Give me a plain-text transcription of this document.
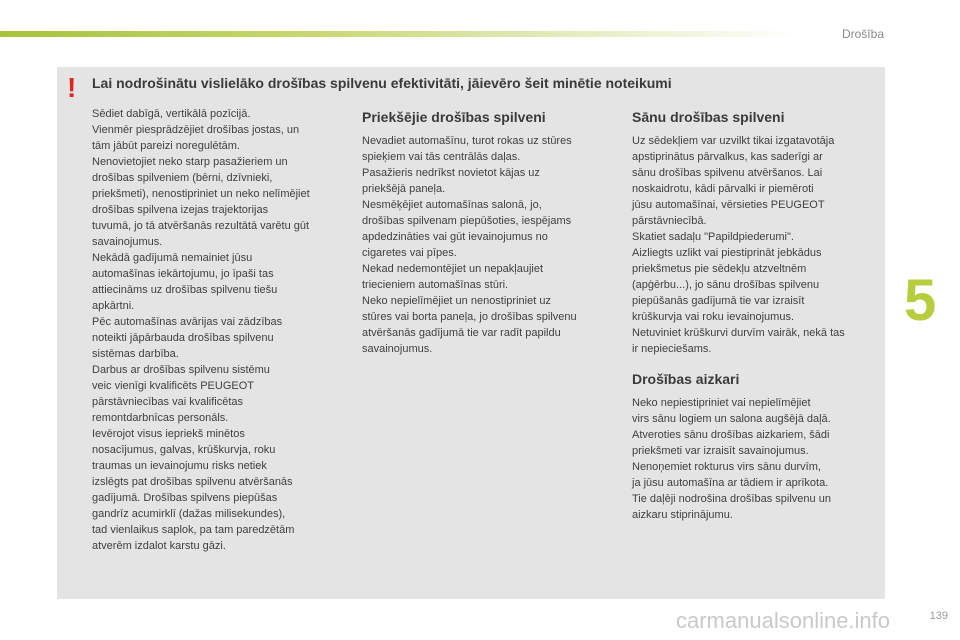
Drošība
5
! Lai nodrošinātu vislielāko drošības spilvenu efektivitāti, jāievēro šeit minētie noteikumi

Sēdiet dabīgā, vertikālā pozīcijā.

Vienmēr piesprādzējiet drošības jostas, un

tām jābūt pareizi noregulētām.

Nenovietojiet neko starp pasažieriem un

drošības spilveniem (bērni, dzīvnieki,

priekšmeti), nenostipriniet un neko nelīmējiet

drošības spilvena izejas trajektorijas

tuvumā, jo tā atvēršanās rezultātā varētu gūt

savainojumus.

Nekādā gadījumā nemainiet jūsu

automašīnas iekārtojumu, jo īpaši tas

attiecināms uz drošības spilvenu tiešu

apkārtni.

Pēc automašīnas avārijas vai zādzības

noteikti jāpārbauda drošības spilvenu

sistēmas darbība.

Darbus ar drošības spilvenu sistēmu

veic vienīgi kvalificēts PEUGEOT

pārstāvniecības vai kvalificētas

remontdarbnīcas personāls.

Ievērojot visus iepriekš minētos

nosacījumus, galvas, krūškurvja, roku

traumas un ievainojumu risks netiek

izslēgts pat drošības spilvenu atvēršanās

gadījumā. Drošības spilvens piepūšas

gandrīz acumirklī (dažas milisekundes),

tad vienlaikus saplok, pa tam paredzētām

atverēm izdalot karstu gāzi.

Priekšējie drošības spilveni

Nevadiet automašīnu, turot rokas uz stūres

spieķiem vai tās centrālās daļas.

Pasažieris nedrīkst novietot kājas uz

priekšējā paneļa.

Nesmēķējiet automašīnas salonā, jo,

drošības spilvenam piepūšoties, iespējams

apdedzināties vai gūt ievainojumus no

cigaretes vai pīpes.

Nekad nedemontējiet un nepakļaujiet

triecieniem automašīnas stūri.

Neko nepielīmējiet un nenostipriniet uz

stūres vai borta paneļa, jo drošības spilvenu

atvēršanās gadījumā tie var radīt papildu

savainojumus.

Sānu drošības spilveni

Uz sēdekļiem var uzvilkt tikai izgatavotāja

apstiprinātus pārvalkus, kas saderīgi ar

sānu drošības spilvenu atvēršanos. Lai

noskaidrotu, kādi pārvalki ir piemēroti

jūsu automašīnai, vērsieties PEUGEOT

pārstāvniecībā.

Skatiet sadaļu "Papildpiederumi".

Aizliegts uzlikt vai piestiprināt jebkādus

priekšmetus pie sēdekļu atzveltnēm

(apģērbu...), jo sānu drošības spilvenu

piepūšanās gadījumā tie var izraisīt

krūškurvja vai roku ievainojumus.

Netuviniet krūškurvi durvīm vairāk, nekā tas

ir nepieciešams.

Drošības aizkari

Neko nepiestipriniet vai nepielīmējiet

virs sānu logiem un salona augšējā daļā.

Atveroties sānu drošības aizkariem, šādi

priekšmeti var izraisīt savainojumus.

Nenoņemiet rokturus virs sānu durvīm,

ja jūsu automašīna ar tādiem ir aprīkota.

Tie daļēji nodrošina drošības spilvenu un

aizkaru stiprinājumu.

139
carmanualsonline.info
